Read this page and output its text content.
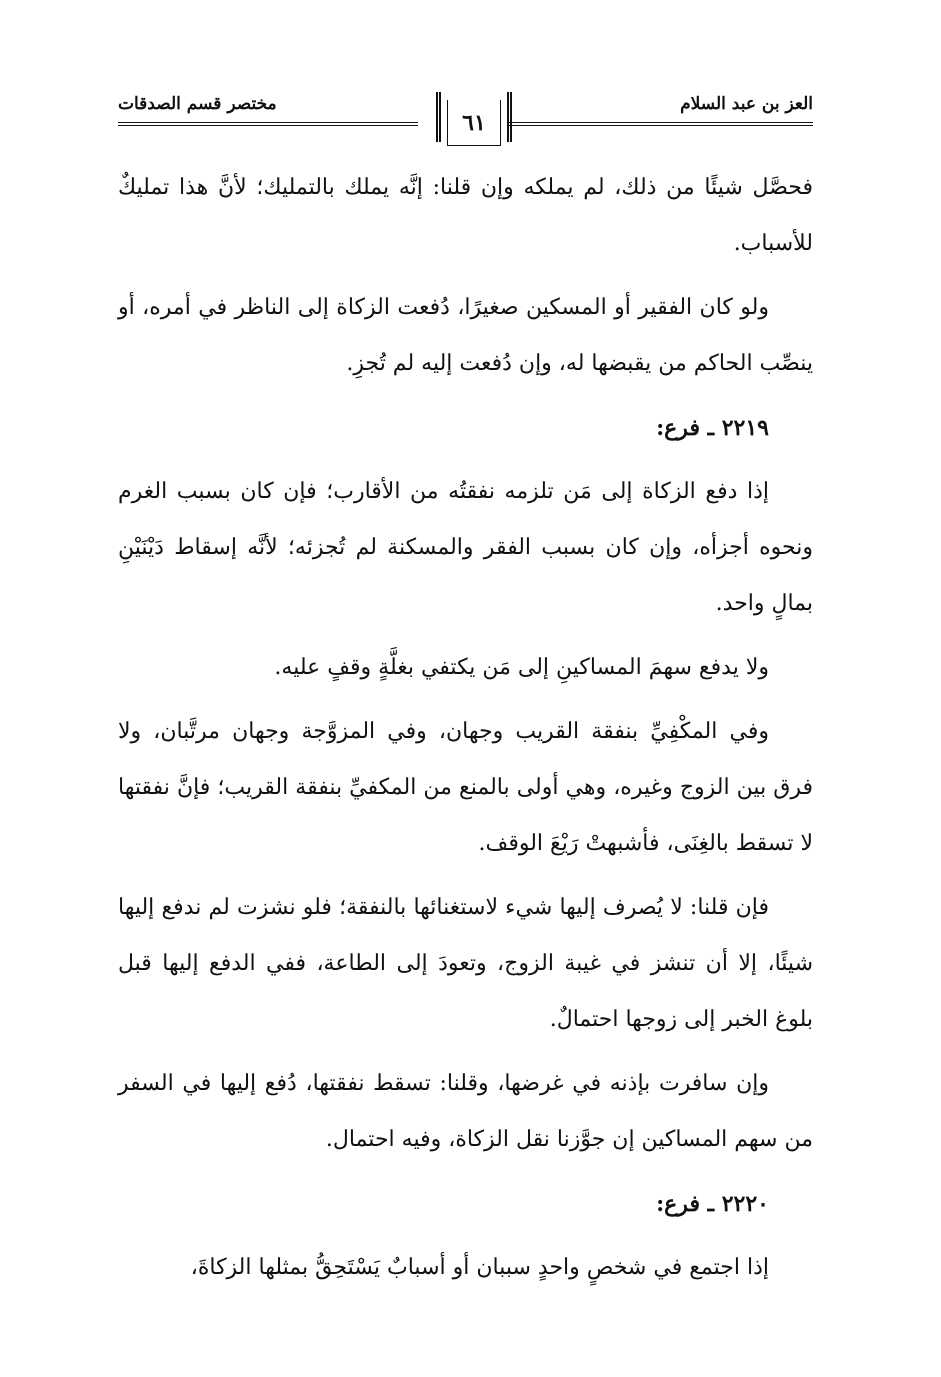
العز بن عبد السلام
٦١
مختصر قسم الصدقات

فحصَّل شيئًا من ذلك، لم يملكه وإن قلنا: إنَّه يملك بالتمليك؛ لأنَّ هذا تمليكٌ للأسباب.

ولو كان الفقير أو المسكين صغيرًا، دُفعت الزكاة إلى الناظر في أمره، أو ينصِّب الحاكم من يقبضها له، وإن دُفعت إليه لم تُجزِ.

٢٢١٩ ـ فرع:

إذا دفع الزكاة إلى مَن تلزمه نفقتُه من الأقارب؛ فإن كان بسبب الغرم ونحوه أجزأه، وإن كان بسبب الفقر والمسكنة لم تُجزئه؛ لأنَّه إسقاط دَيْنَيْنِ بمالٍ واحد.

ولا يدفع سهمَ المساكينِ إلى مَن يكتفي بغلَّةٍ وقفٍ عليه.

وفي المكْفِيِّ بنفقة القريب وجهان، وفي المزوَّجة وجهان مرتَّبان، ولا فرق بين الزوج وغيره، وهي أولى بالمنع من المكفيِّ بنفقة القريب؛ فإنَّ نفقتها لا تسقط بالغِنَى، فأشبهتْ رَيْعَ الوقف.

فإن قلنا: لا يُصرف إليها شيء لاستغنائها بالنفقة؛ فلو نشزت لم ندفع إليها شيئًا، إلا أن تنشز في غيبة الزوج، وتعودَ إلى الطاعة، ففي الدفع إليها قبل بلوغ الخبر إلى زوجها احتمالٌ.

وإن سافرت بإذنه في غرضها، وقلنا: تسقط نفقتها، دُفع إليها في السفر من سهم المساكين إن جوَّزنا نقل الزكاة، وفيه احتمال.

٢٢٢٠ ـ فرع:

إذا اجتمع في شخصٍ واحدٍ سببان أو أسبابٌ يَسْتَحِقُّ بمثلها الزكاةَ،
